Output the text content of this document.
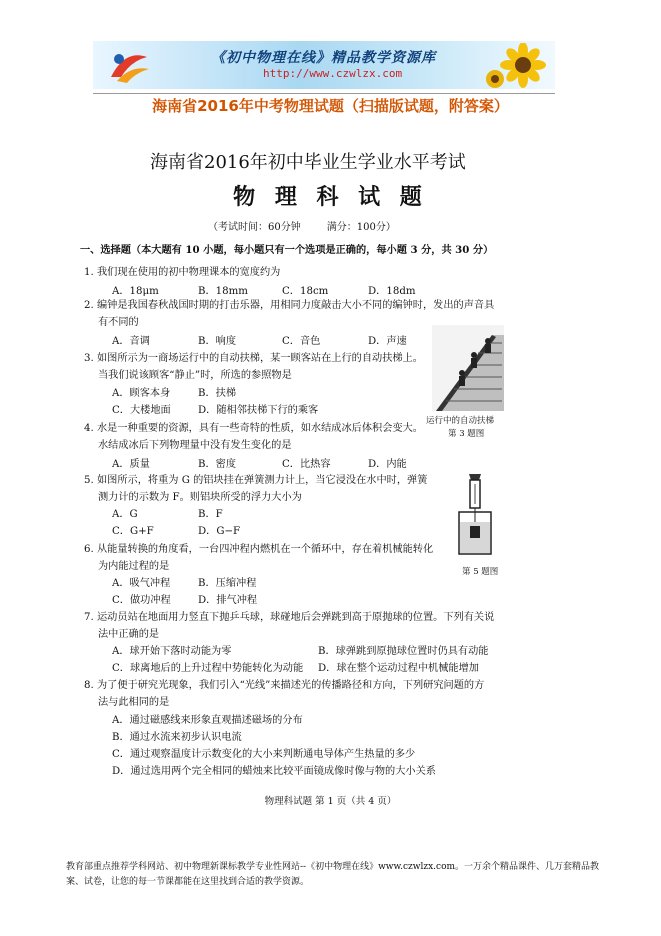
《初中物理在线》精品教学资源库
http://www.czwlzx.com
海南省2016年中考物理试题（扫描版试题，附答案）
海南省2016年初中毕业生学业水平考试
物 理 科 试 题
（考试时间：60分钟	满分：100分）
一、选择题（本大题有 10 小题，每小题只有一个选项是正确的，每小题 3 分，共 30 分）
1. 我们现在使用的初中物理课本的宽度约为
A．18μm	B．18mm	C．18cm	D．18dm
2. 编钟是我国春秋战国时期的打击乐器，用相同力度敲击大小不同的编钟时，发出的声音具
有不同的
A．音调	B．响度	C．音色	D．声速
3. 如图所示为一商场运行中的自动扶梯，某一顾客站在上行的自动扶梯上。
当我们说该顾客“静止”时，所选的参照物是
A．顾客本身	B．扶梯
C．大楼地面	D．随相邻扶梯下行的乘客
运行中的自动扶梯
第 3 题图
4. 水是一种重要的资源，具有一些奇特的性质，如水结成冰后体积会变大。
水结成冰后下列物理量中没有发生变化的是
A．质量	B．密度	C．比热容	D．内能
5. 如图所示，将重为 G 的铝块挂在弹簧测力计上，当它浸没在水中时，弹簧
测力计的示数为 F。则铝块所受的浮力大小为
A．G	B．F
C．G+F	D．G−F
第 5 题图
6. 从能量转换的角度看，一台四冲程内燃机在一个循环中，存在着机械能转化
为内能过程的是
A．吸气冲程	B．压缩冲程
C．做功冲程	D．排气冲程
7. 运动员站在地面用力竖直下抛乒乓球，球碰地后会弹跳到高于原抛球的位置。下列有关说
法中正确的是
A．球开始下落时动能为零	B．球弹跳到原抛球位置时仍具有动能
C．球离地后的上升过程中势能转化为动能 D．球在整个运动过程中机械能增加
8. 为了便于研究光现象，我们引入“光线”来描述光的传播路径和方向，下列研究问题的方
法与此相同的是
A．通过磁感线来形象直观描述磁场的分布
B．通过水流来初步认识电流
C．通过观察温度计示数变化的大小来判断通电导体产生热量的多少
D．通过选用两个完全相同的蜡烛来比较平面镜成像时像与物的大小关系
物理科试题 第 1 页（共 4 页）
教育部重点推荐学科网站、初中物理新课标教学专业性网站--《初中物理在线》www.czwlzx.com。一万余个精品课件、几万套精品教案、试卷，让您的每一节课都能在这里找到合适的教学资源。
